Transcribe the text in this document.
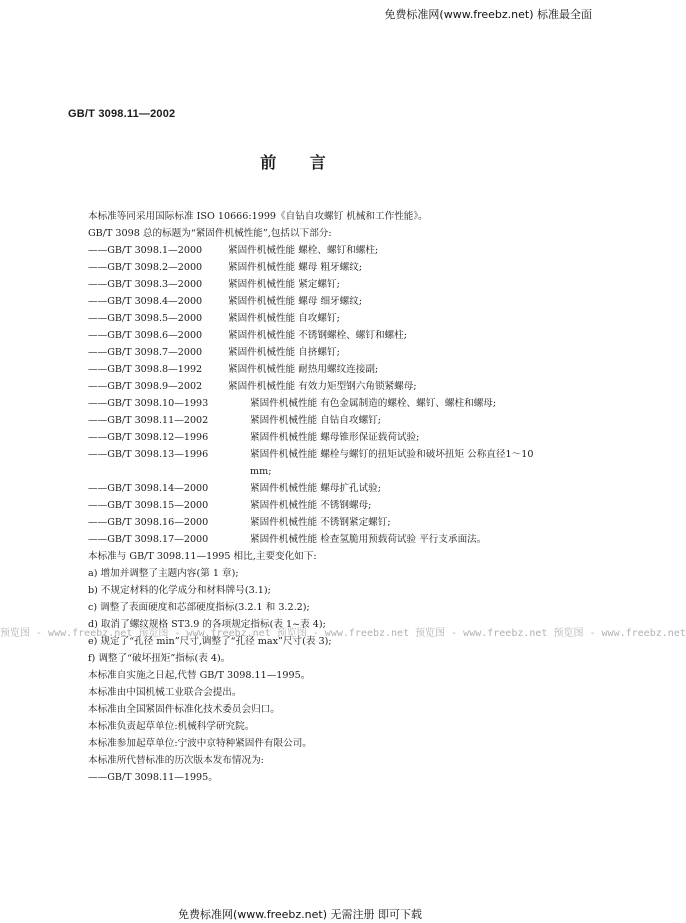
免费标准网(www.freebz.net) 标准最全面
GB/T 3098.11—2002
前 言
本标准等同采用国际标准 ISO 10666:1999《自钻自攻螺钉 机械和工作性能》。
GB/T 3098 总的标题为“紧固件机械性能”,包括以下部分:
——GB/T 3098.1—2000	紧固件机械性能 螺栓、螺钉和螺柱;
——GB/T 3098.2—2000	紧固件机械性能 螺母 粗牙螺纹;
——GB/T 3098.3—2000	紧固件机械性能 紧定螺钉;
——GB/T 3098.4—2000	紧固件机械性能 螺母 细牙螺纹;
——GB/T 3098.5—2000	紧固件机械性能 自攻螺钉;
——GB/T 3098.6—2000	紧固件机械性能 不锈钢螺栓、螺钉和螺柱;
——GB/T 3098.7—2000	紧固件机械性能 自挤螺钉;
——GB/T 3098.8—1992	紧固件机械性能 耐热用螺纹连接副;
——GB/T 3098.9—2002	紧固件机械性能 有效力矩型钢六角锁紧螺母;
——GB/T 3098.10—1993	紧固件机械性能 有色金属制造的螺栓、螺钉、螺柱和螺母;
——GB/T 3098.11—2002	紧固件机械性能 自钻自攻螺钉;
——GB/T 3098.12—1996	紧固件机械性能 螺母锥形保证载荷试验;
——GB/T 3098.13—1996	紧固件机械性能 螺栓与螺钉的扭矩试验和破坏扭矩 公称直径1～10 mm;
——GB/T 3098.14—2000	紧固件机械性能 螺母扩孔试验;
——GB/T 3098.15—2000	紧固件机械性能 不锈钢螺母;
——GB/T 3098.16—2000	紧固件机械性能 不锈钢紧定螺钉;
——GB/T 3098.17—2000	紧固件机械性能 检查氢脆用预载荷试验 平行支承面法。
本标准与 GB/T 3098.11—1995 相比,主要变化如下:
a) 增加并调整了主题内容(第 1 章);
b) 不规定材料的化学成分和材料牌号(3.1);
c) 调整了表面硬度和芯部硬度指标(3.2.1 和 3.2.2);
d) 取消了螺纹规格 ST3.9 的各项规定指标(表 1~表 4);
e) 规定了“孔径 min”尺寸,调整了“孔径 max”尺寸(表 3);
f) 调整了“破坏扭矩”指标(表 4)。
本标准自实施之日起,代替 GB/T 3098.11—1995。
本标准由中国机械工业联合会提出。
本标准由全国紧固件标准化技术委员会归口。
本标准负责起草单位:机械科学研究院。
本标准参加起草单位:宁波中京特种紧固件有限公司。
本标准所代替标准的历次版本发布情况为:
——GB/T 3098.11—1995。
预览图 - www.freebz.net 预览图 - www.freebz.net 预览图 - www.freebz.net 预览图 - www.freebz.net 预览图 - www.freebz.net
免费标准网(www.freebz.net) 无需注册 即可下载
